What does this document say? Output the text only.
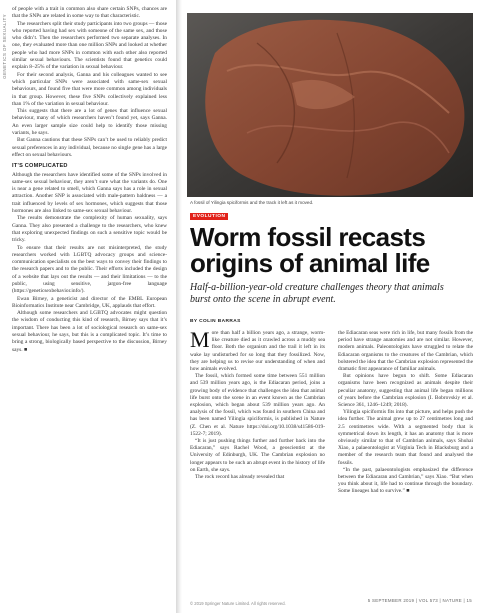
GENETICS OF SEXUALITY

of people with a trait in common also share certain SNPs, chances are that the SNPs are related in some way to that characteristic.

The researchers split their study participants into two groups — those who reported having had sex with someone of the same sex, and those who didn’t. Then the researchers performed two separate analyses. In one, they evaluated more than one million SNPs and looked at whether people who had more SNPs in common with each other also reported similar sexual behaviours. The scientists found that genetics could explain 8–25% of the variation in sexual behaviour.

For their second analysis, Ganna and his colleagues wanted to see which particular SNPs were associated with same-sex sexual behaviours, and found five that were more common among individuals in that group. However, these five SNPs collectively explained less than 1% of the variation in sexual behaviour.

This suggests that there are a lot of genes that influence sexual behaviour, many of which researchers haven’t found yet, says Ganna. An even larger sample size could help to identify those missing variants, he says.

But Ganna cautions that these SNPs can’t be used to reliably predict sexual preferences in any individual, because no single gene has a large effect on sexual behaviours.

IT’S COMPLICATED

Although the researchers have identified some of the SNPs involved in same-sex sexual behaviour, they aren’t sure what the variants do. One is near a gene related to smell, which Ganna says has a role in sexual attraction. Another SNP is associated with male-pattern baldness — a trait influenced by levels of sex hormones, which suggests that those hormones are also linked to same-sex sexual behaviour.

The results demonstrate the complexity of human sexuality, says Ganna. They also presented a challenge to the researchers, who knew that exploring unexpected findings on such a sensitive topic would be tricky.

To ensure that their results are not misinterpreted, the study researchers worked with LGBTQ advocacy groups and science-communication specialists on the best ways to convey their findings to the research papers and to the public. Their efforts included the design of a website that lays out the results — and their limitations — to the public, using sensitive, jargon-free language (https://geneticsexbehavior.info/).

Ewan Birney, a geneticist and director of the EMBL European Bioinformatics Institute near Cambridge, UK, applauds that effort.

Although some researchers and LGBTQ advocates might question the wisdom of conducting this kind of research, Birney says that it’s important. There has been a lot of sociological research on same-sex sexual behaviour, he says, but this is a complicated topic. It’s time to bring a strong, biologically based perspective to the discussion, Birney says. ■

A fossil of Yilingia spiciformis and the track it left as it moved.
EVOLUTION
Worm fossil recasts origins of animal life

Half-a-billion-year-old creature challenges theory that animals burst onto the scene in abrupt event.

BY COLIN BARRAS

More than half a billion years ago, a strange, worm-like creature died as it crawled across a muddy sea floor. Both the organism and the trail it left in its wake lay undisturbed for so long that they fossilized. Now, they are helping us to revise our understanding of when and how animals evolved.

The fossil, which formed some time between 551 million and 539 million years ago, is the Ediacaran period, joins a growing body of evidence that challenges the idea that animal life burst onto the scene in an event known as the Cambrian explosion, which began about 539 million years ago. An analysis of the fossil, which was found in southern China and has been named Yilingia spiciformis, is published in Nature (Z. Chen et al. Nature https://doi.org/10.1038/s41586-019-1522-7; 2019).

“It is just pushing things further and further back into the Ediacaran,” says Rachel Wood, a geoscientist at the University of Edinburgh, UK. The Cambrian explosion no longer appears to be such an abrupt event in the history of life on Earth, she says.

The rock record has already revealed that

the Ediacaran seas were rich in life, but many fossils from the period have strange anatomies and are not similar. However, modern animals. Paleontologists have struggled to relate the Ediacaran organisms to the creatures of the Cambrian, which bolstered the idea that the Cambrian explosion represented the dramatic first appearance of familiar animals.

But opinions have begun to shift. Some Ediacaran organisms have been recognized as animals despite their peculiar anatomy, suggesting that animal life began millions of years before the Cambrian explosion (I. Bobrovskiy et al. Science 361, 1246–1249; 2018).

Yilingia spiciformis fits into that picture, and helps push the idea further. The animal grew up to 27 centimetres long and 2.5 centimetres wide. With a segmented body that is symmetrical down its length, it has an anatomy that is more obviously similar to that of Cambrian animals, says Shuhai Xiao, a palaeontologist at Virginia Tech in Blacksburg and a member of the research team that found and analysed the fossils.

“In the past, palaeontologists emphasized the difference between the Ediacaran and Cambrian,” says Xiao. “But when you think about it, life had to continue through the boundary. Some lineages had to survive.” ■

© 2019 Springer Nature Limited. All rights reserved.
5 SEPTEMBER 2019 | VOL 573 | NATURE | 15
